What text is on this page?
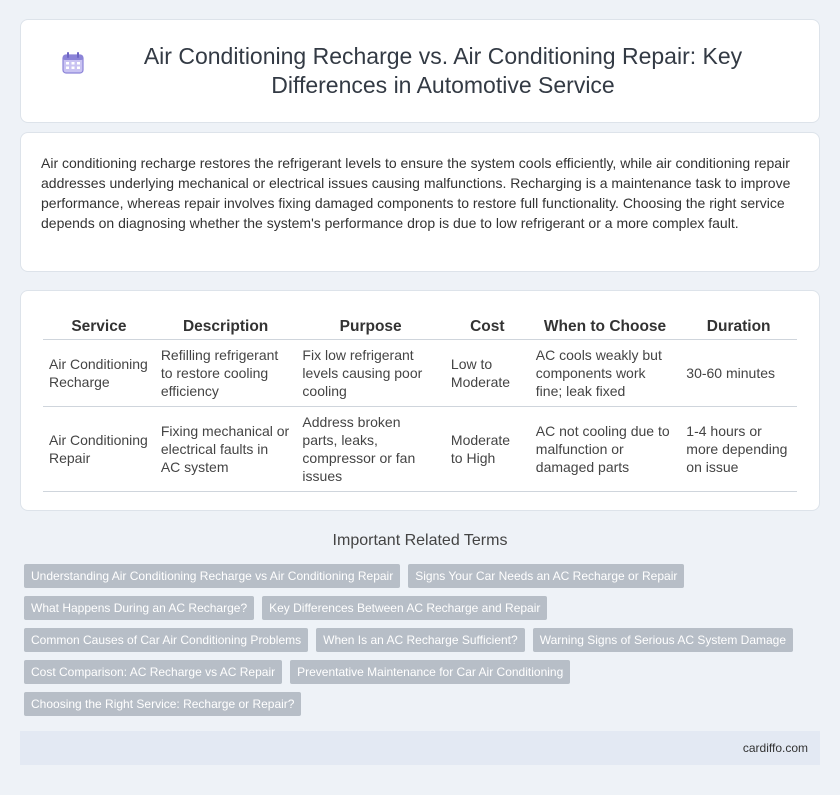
Air Conditioning Recharge vs. Air Conditioning Repair: Key Differences in Automotive Service

Air conditioning recharge restores the refrigerant levels to ensure the system cools efficiently, while air conditioning repair addresses underlying mechanical or electrical issues causing malfunctions. Recharging is a maintenance task to improve performance, whereas repair involves fixing damaged components to restore full functionality. Choosing the right service depends on diagnosing whether the system's performance drop is due to low refrigerant or a more complex fault.

Service	Description	Purpose	Cost	When to Choose	Duration
Air Conditioning Recharge	Refilling refrigerant to restore cooling efficiency	Fix low refrigerant levels causing poor cooling	Low to Moderate	AC cools weakly but components work fine; leak fixed	30-60 minutes
Air Conditioning Repair	Fixing mechanical or electrical faults in AC system	Address broken parts, leaks, compressor or fan issues	Moderate to High	AC not cooling due to malfunction or damaged parts	1-4 hours or more depending on issue
Important Related Terms
Understanding Air Conditioning Recharge vs Air Conditioning Repair	Signs Your Car Needs an AC Recharge or Repair
What Happens During an AC Recharge?	Key Differences Between AC Recharge and Repair
Common Causes of Car Air Conditioning Problems	When Is an AC Recharge Sufficient?	Warning Signs of Serious AC System Damage
Cost Comparison: AC Recharge vs AC Repair	Preventative Maintenance for Car Air Conditioning
Choosing the Right Service: Recharge or Repair?
cardiffo.com
